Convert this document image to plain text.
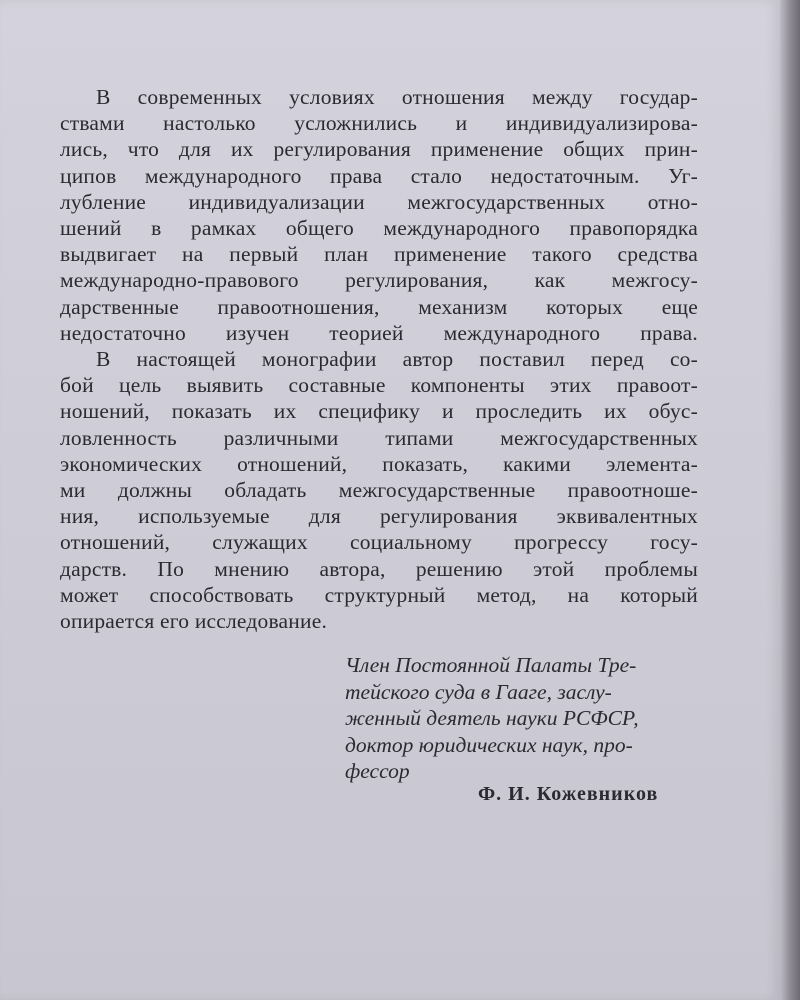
В современных условиях отношения между государ-
ствами настолько усложнились и индивидуализирова-
лись, что для их регулирования применение общих прин-
ципов международного права стало недостаточным. Уг-
лубление индивидуализации межгосударственных отно-
шений в рамках общего международного правопорядка
выдвигает на первый план применение такого средства
международно-правового регулирования, как межгосу-
дарственные правоотношения, механизм которых еще
недостаточно изучен теорией международного права.
В настоящей монографии автор поставил перед со-
бой цель выявить составные компоненты этих правоот-
ношений, показать их специфику и проследить их обус-
ловленность различными типами межгосударственных
экономических отношений, показать, какими элемента-
ми должны обладать межгосударственные правоотноше-
ния, используемые для регулирования эквивалентных
отношений, служащих социальному прогрессу госу-
дарств. По мнению автора, решению этой проблемы
может способствовать структурный метод, на который
опирается его исследование.
Член Постоянной Палаты Тре-
тейского суда в Гааге, заслу-
женный деятель науки РСФСР,
доктор юридических наук, про-
фессор
Ф. И. Кожевников
